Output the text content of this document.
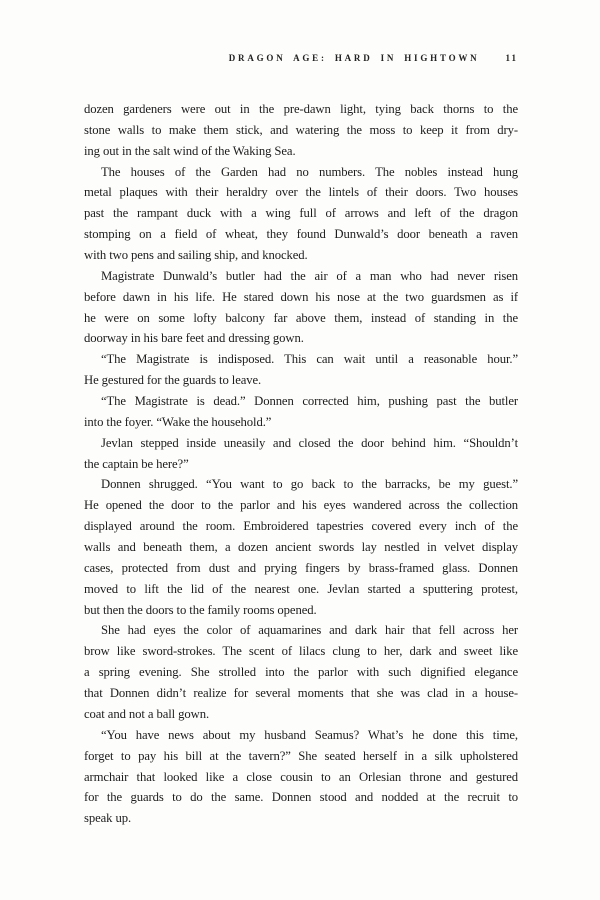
DRAGON AGE: HARD IN HIGHTOWN	11
dozen gardeners were out in the pre-dawn light, tying back thorns to the
stone walls to make them stick, and watering the moss to keep it from dry-
ing out in the salt wind of the Waking Sea.
The houses of the Garden had no numbers. The nobles instead hung
metal plaques with their heraldry over the lintels of their doors. Two houses
past the rampant duck with a wing full of arrows and left of the dragon
stomping on a field of wheat, they found Dunwald’s door beneath a raven
with two pens and sailing ship, and knocked.
Magistrate Dunwald’s butler had the air of a man who had never risen
before dawn in his life. He stared down his nose at the two guardsmen as if
he were on some lofty balcony far above them, instead of standing in the
doorway in his bare feet and dressing gown.
“The Magistrate is indisposed. This can wait until a reasonable hour.”
He gestured for the guards to leave.
“The Magistrate is dead.” Donnen corrected him, pushing past the butler
into the foyer. “Wake the household.”
Jevlan stepped inside uneasily and closed the door behind him. “Shouldn’t
the captain be here?”
Donnen shrugged. “You want to go back to the barracks, be my guest.”
He opened the door to the parlor and his eyes wandered across the collection
displayed around the room. Embroidered tapestries covered every inch of the
walls and beneath them, a dozen ancient swords lay nestled in velvet display
cases, protected from dust and prying fingers by brass-framed glass. Donnen
moved to lift the lid of the nearest one. Jevlan started a sputtering protest,
but then the doors to the family rooms opened.
She had eyes the color of aquamarines and dark hair that fell across her
brow like sword-strokes. The scent of lilacs clung to her, dark and sweet like
a spring evening. She strolled into the parlor with such dignified elegance
that Donnen didn’t realize for several moments that she was clad in a house-
coat and not a ball gown.
“You have news about my husband Seamus? What’s he done this time,
forget to pay his bill at the tavern?” She seated herself in a silk upholstered
armchair that looked like a close cousin to an Orlesian throne and gestured
for the guards to do the same. Donnen stood and nodded at the recruit to
speak up.
